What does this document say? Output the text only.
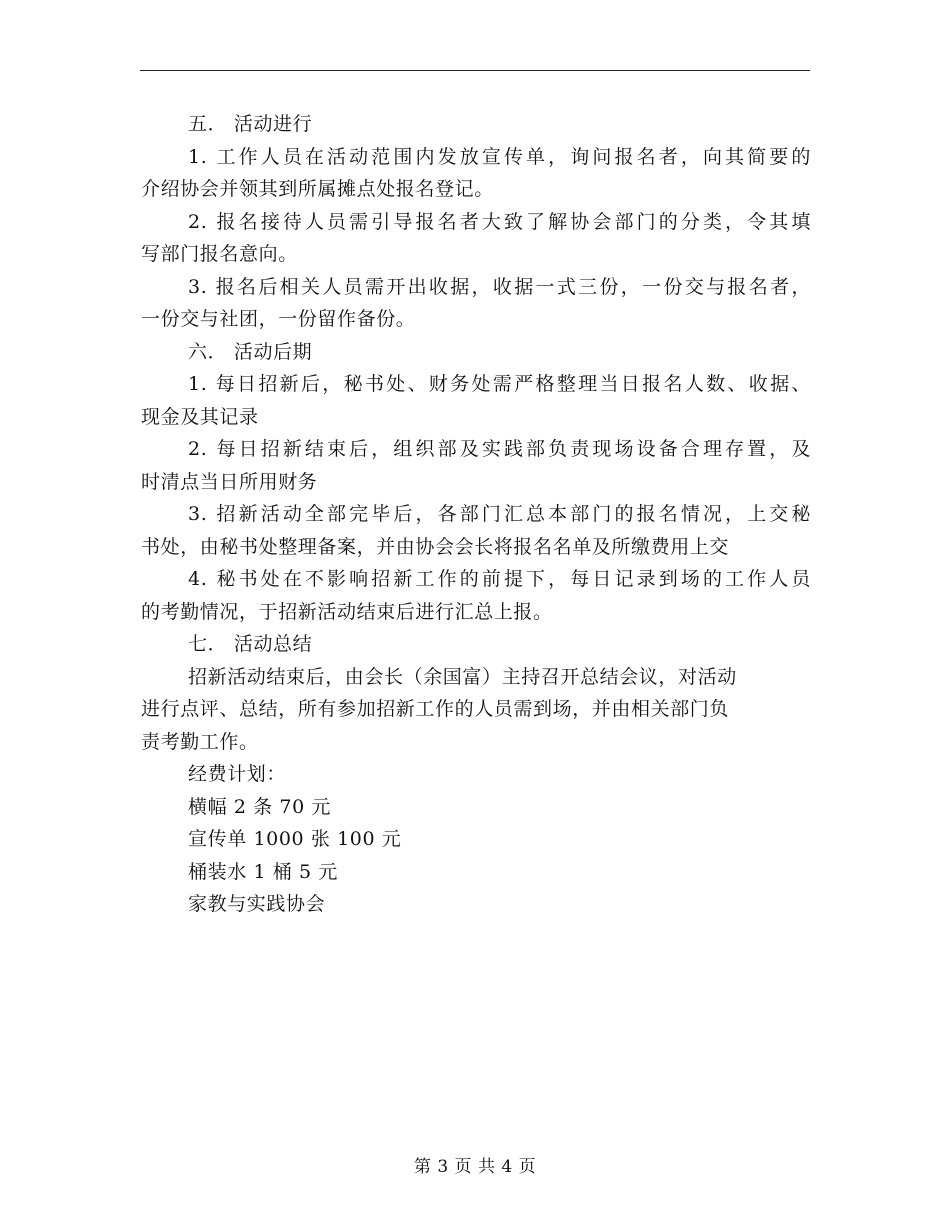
五． 活动进行
1. 工作人员在活动范围内发放宣传单，询问报名者，向其简要的
介绍协会并领其到所属摊点处报名登记。
2. 报名接待人员需引导报名者大致了解协会部门的分类，令其填
写部门报名意向。
3. 报名后相关人员需开出收据，收据一式三份，一份交与报名者，
一份交与社团，一份留作备份。
六． 活动后期
1. 每日招新后，秘书处、财务处需严格整理当日报名人数、收据、
现金及其记录
2. 每日招新结束后，组织部及实践部负责现场设备合理存置，及
时清点当日所用财务
3. 招新活动全部完毕后，各部门汇总本部门的报名情况，上交秘
书处，由秘书处整理备案，并由协会会长将报名名单及所缴费用上交
4. 秘书处在不影响招新工作的前提下，每日记录到场的工作人员
的考勤情况，于招新活动结束后进行汇总上报。
七． 活动总结
招新活动结束后，由会长（余国富）主持召开总结会议，对活动
进行点评、总结，所有参加招新工作的人员需到场，并由相关部门负
责考勤工作。
经费计划：
横幅 2 条 70 元
宣传单 1000 张 100 元
桶装水 1 桶 5 元
家教与实践协会
第 3 页 共 4 页
